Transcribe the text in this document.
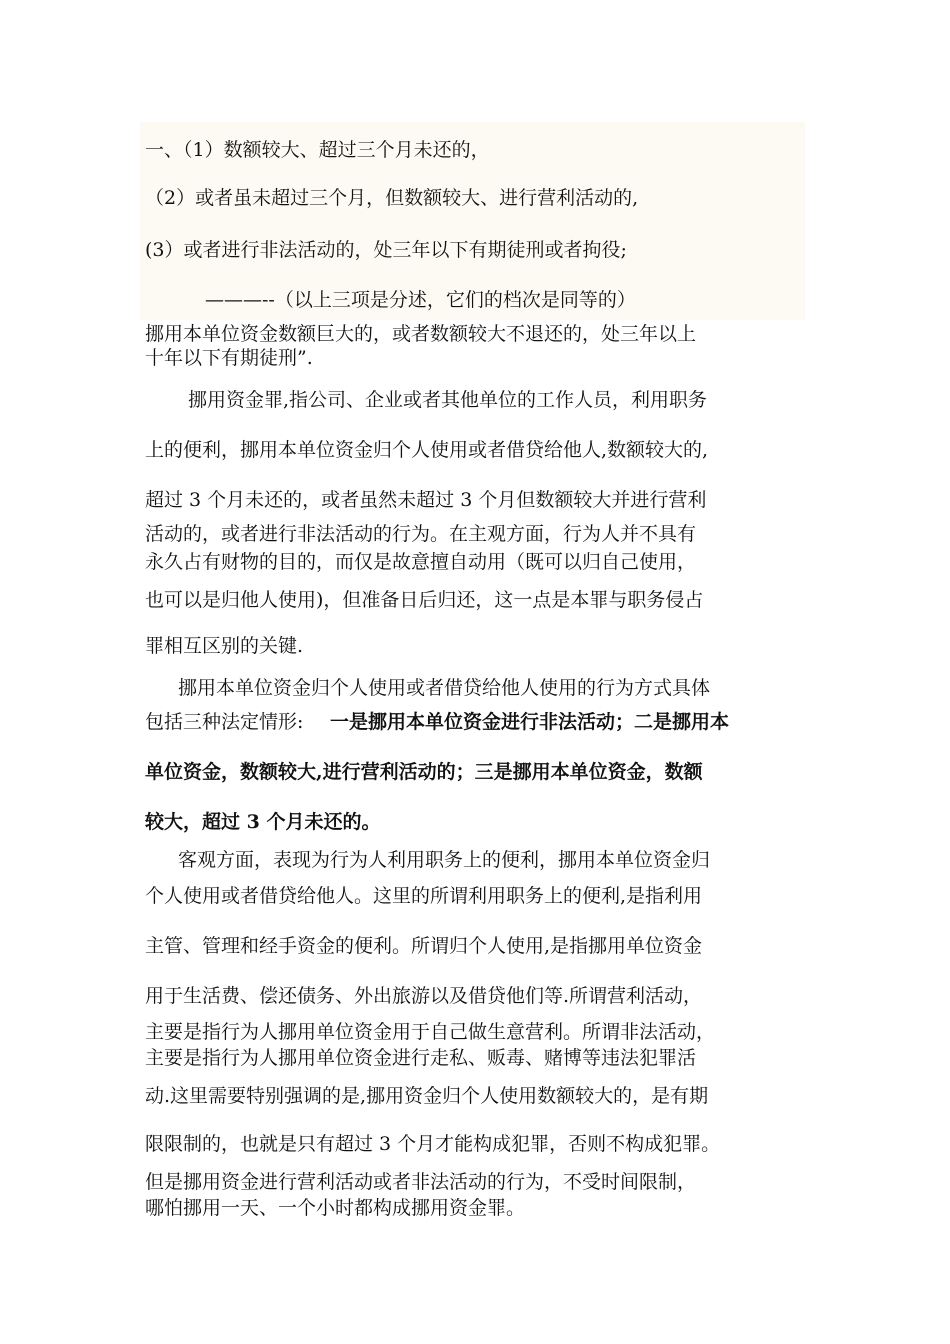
一、（1）数额较大、超过三个月未还的，
（2）或者虽未超过三个月，但数额较大、进行营利活动的,
(3）或者进行非法活动的，处三年以下有期徒刑或者拘役;
———--（以上三项是分述，它们的档次是同等的）
挪用本单位资金数额巨大的，或者数额较大不退还的，处三年以上
十年以下有期徒刑”.
挪用资金罪,指公司、企业或者其他单位的工作人员，利用职务
上的便利，挪用本单位资金归个人使用或者借贷给他人,数额较大的,
超过 3 个月未还的，或者虽然未超过 3 个月但数额较大并进行营利
活动的，或者进行非法活动的行为。在主观方面，行为人并不具有
永久占有财物的目的，而仅是故意擅自动用（既可以归自己使用，
也可以是归他人使用)，但准备日后归还，这一点是本罪与职务侵占
罪相互区别的关键.
挪用本单位资金归个人使用或者借贷给他人使用的行为方式具体
包括三种法定情形: 一是挪用本单位资金进行非法活动；二是挪用本
单位资金，数额较大,进行营利活动的；三是挪用本单位资金，数额
较大，超过 3 个月未还的。
客观方面，表现为行为人利用职务上的便利，挪用本单位资金归
个人使用或者借贷给他人。这里的所谓利用职务上的便利,是指利用
主管、管理和经手资金的便利。所谓归个人使用,是指挪用单位资金
用于生活费、偿还债务、外出旅游以及借贷他们等.所谓营利活动，
主要是指行为人挪用单位资金用于自己做生意营利。所谓非法活动，
主要是指行为人挪用单位资金进行走私、贩毒、赌博等违法犯罪活
动.这里需要特别强调的是,挪用资金归个人使用数额较大的，是有期
限限制的，也就是只有超过 3 个月才能构成犯罪，否则不构成犯罪。
但是挪用资金进行营利活动或者非法活动的行为，不受时间限制，
哪怕挪用一天、一个小时都构成挪用资金罪。
